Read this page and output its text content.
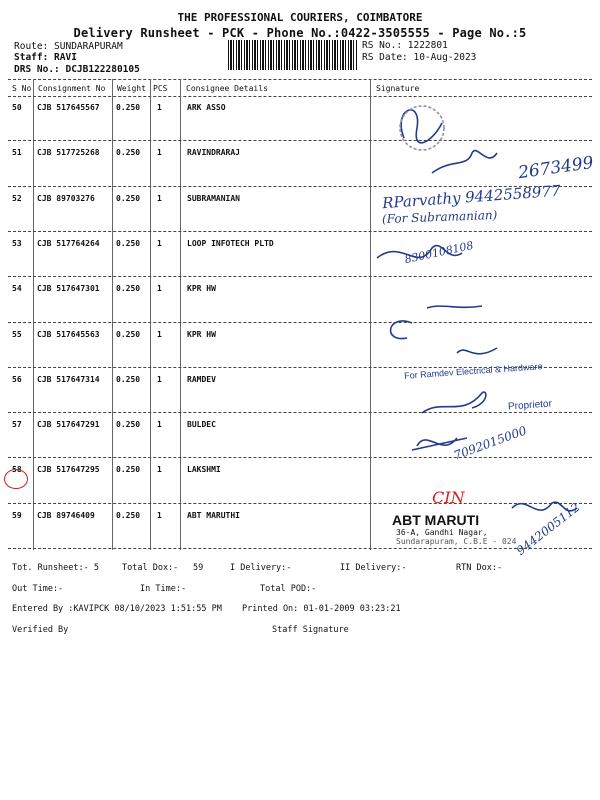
THE PROFESSIONAL COURIERS, COIMBATORE
Delivery Runsheet - PCK - Phone No.:0422-3505555 - Page No.:5
Route: SUNDARAPURAM
Staff: RAVI
DRS No.: DCJB122280105
RS No.: 1222801
RS Date: 10-Aug-2023
S No Consignment No Weight PCS Consignee Details	Signature
50 CJB 517645567 0.250 1	ARK ASSO
51 CJB 517725268 0.250 1	RAVINDRARAJ
52 CJB 89703276	0.250 1	SUBRAMANIAN
53 CJB 517764264 0.250 1	LOOP INFOTECH PLTD
54 CJB 517647301 0.250 1	KPR HW
55 CJB 517645563 0.250 1	KPR HW
56 CJB 517647314 0.250 1	RAMDEV
57 CJB 517647291 0.250 1	BULDEC
58 CJB 517647295 0.250 1	LAKSHMI
59 CJB 89746409	0.250 1	ABT MARUTHI
2673499
RParvathy 9442558977
(For Subramanian)
8300108108
For Ramdev Electrical & Hardware
Proprietor
7092015000
CIN
9442005112
ABT MARUTI
36-A, Gandhi Nagar,
Sundarapuram, C.B.E - 024
Tot. Runsheet:- 5	Total Dox:- 59	I Delivery:-	II Delivery:-	RTN Dox:-
Out Time:-	In Time:-	Total POD:-
Entered By :KAVIPCK 08/10/2023 1:51:55 PM Printed On: 01-01-2009 03:23:21
Verified By	Staff Signature
